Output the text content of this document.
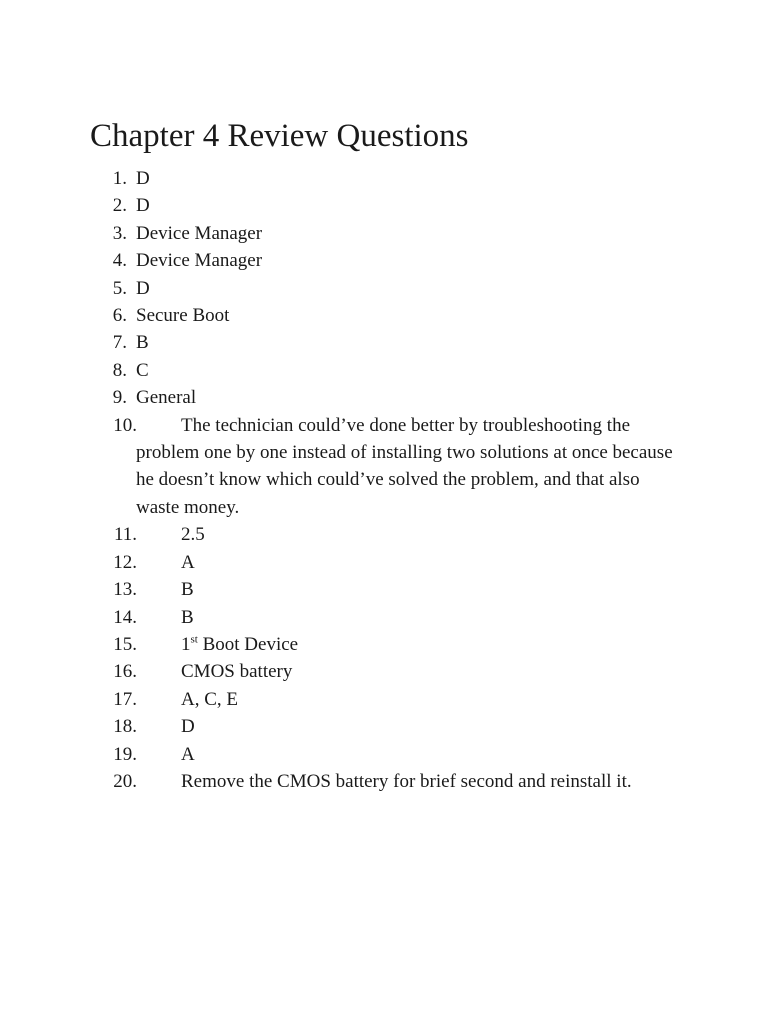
Chapter 4 Review Questions
1. D
2. D
3. Device Manager
4. Device Manager
5. D
6. Secure Boot
7. B
8. C
9. General
10.	The technician could’ve done better by troubleshooting the problem one by one instead of installing two solutions at once because he doesn’t know which could’ve solved the problem, and that also waste money.
11.	2.5
12.	A
13.	B
14.	B
15.	1st Boot Device
16.	CMOS battery
17.	A, C, E
18.	D
19.	A
20.	Remove the CMOS battery for brief second and reinstall it.
